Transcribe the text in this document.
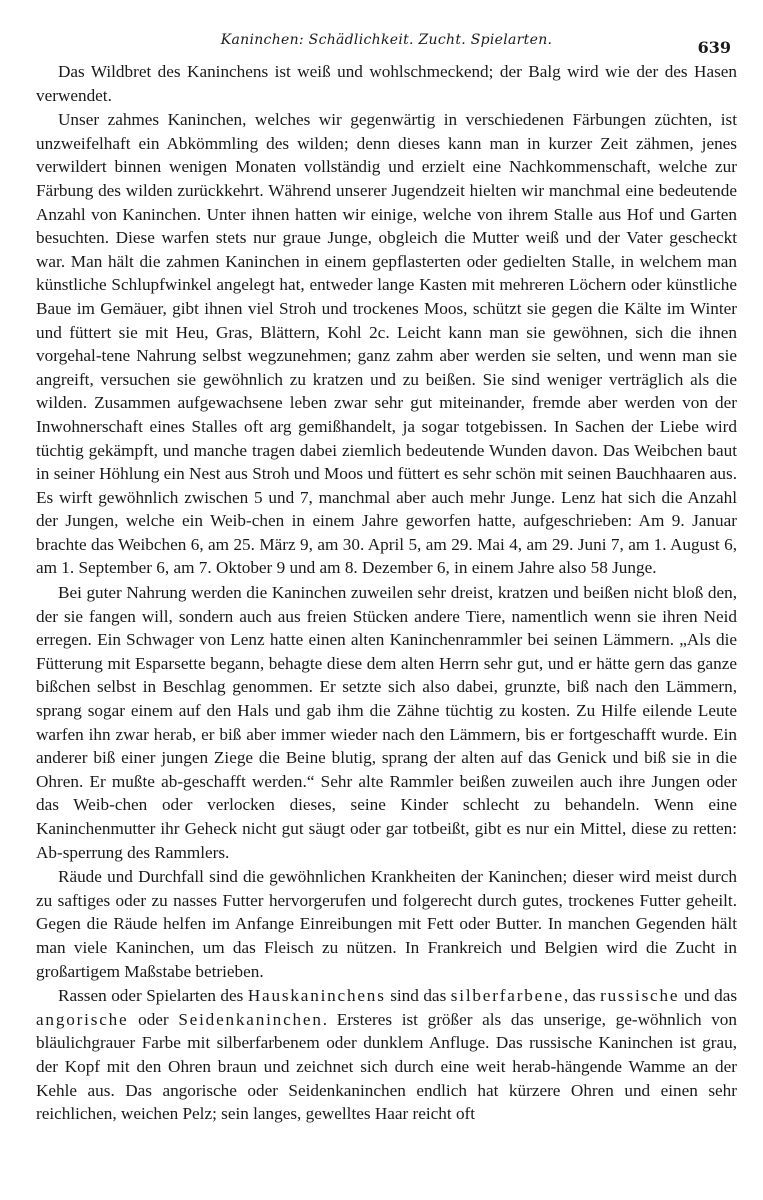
Kaninchen: Schädlichkeit. Zucht. Spielarten.	639

Das Wildbret des Kaninchens ist weiß und wohlschmeckend; der Balg wird wie der des Hasen verwendet.

Unser zahmes Kaninchen, welches wir gegenwärtig in verschiedenen Färbungen züchten, ist unzweifelhaft ein Abkömmling des wilden; denn dieses kann man in kurzer Zeit zähmen, jenes verwildert binnen wenigen Monaten vollständig und erzielt eine Nachkommenschaft, welche zur Färbung des wilden zurückkehrt. Während unserer Jugendzeit hielten wir manchmal eine bedeutende Anzahl von Kaninchen. Unter ihnen hatten wir einige, welche von ihrem Stalle aus Hof und Garten besuchten. Diese warfen stets nur graue Junge, obgleich die Mutter weiß und der Vater gescheckt war. Man hält die zahmen Kaninchen in einem gepflasterten oder gedielten Stalle, in welchem man künstliche Schlupfwinkel angelegt hat, entweder lange Kasten mit mehreren Löchern oder künstliche Baue im Gemäuer, gibt ihnen viel Stroh und trockenes Moos, schützt sie gegen die Kälte im Winter und füttert sie mit Heu, Gras, Blättern, Kohl 2c. Leicht kann man sie gewöhnen, sich die ihnen vorgehal-tene Nahrung selbst wegzunehmen; ganz zahm aber werden sie selten, und wenn man sie angreift, versuchen sie gewöhnlich zu kratzen und zu beißen. Sie sind weniger verträglich als die wilden. Zusammen aufgewachsene leben zwar sehr gut miteinander, fremde aber werden von der Inwohnerschaft eines Stalles oft arg gemißhandelt, ja sogar totgebissen. In Sachen der Liebe wird tüchtig gekämpft, und manche tragen dabei ziemlich bedeutende Wunden davon. Das Weibchen baut in seiner Höhlung ein Nest aus Stroh und Moos und füttert es sehr schön mit seinen Bauchhaaren aus. Es wirft gewöhnlich zwischen 5 und 7, manchmal aber auch mehr Junge. Lenz hat sich die Anzahl der Jungen, welche ein Weib-chen in einem Jahre geworfen hatte, aufgeschrieben: Am 9. Januar brachte das Weibchen 6, am 25. März 9, am 30. April 5, am 29. Mai 4, am 29. Juni 7, am 1. August 6, am 1. September 6, am 7. Oktober 9 und am 8. Dezember 6, in einem Jahre also 58 Junge.

Bei guter Nahrung werden die Kaninchen zuweilen sehr dreist, kratzen und beißen nicht bloß den, der sie fangen will, sondern auch aus freien Stücken andere Tiere, namentlich wenn sie ihren Neid erregen. Ein Schwager von Lenz hatte einen alten Kaninchenrammler bei seinen Lämmern. „Als die Fütterung mit Esparsette begann, behagte diese dem alten Herrn sehr gut, und er hätte gern das ganze bißchen selbst in Beschlag genommen. Er setzte sich also dabei, grunzte, biß nach den Lämmern, sprang sogar einem auf den Hals und gab ihm die Zähne tüchtig zu kosten. Zu Hilfe eilende Leute warfen ihn zwar herab, er biß aber immer wieder nach den Lämmern, bis er fortgeschafft wurde. Ein anderer biß einer jungen Ziege die Beine blutig, sprang der alten auf das Genick und biß sie in die Ohren. Er mußte ab-geschafft werden.“ Sehr alte Rammler beißen zuweilen auch ihre Jungen oder das Weib-chen oder verlocken dieses, seine Kinder schlecht zu behandeln. Wenn eine Kaninchenmutter ihr Geheck nicht gut säugt oder gar totbeißt, gibt es nur ein Mittel, diese zu retten: Ab-sperrung des Rammlers.

Räude und Durchfall sind die gewöhnlichen Krankheiten der Kaninchen; dieser wird meist durch zu saftiges oder zu nasses Futter hervorgerufen und folgerecht durch gutes, trockenes Futter geheilt. Gegen die Räude helfen im Anfange Einreibungen mit Fett oder Butter. In manchen Gegenden hält man viele Kaninchen, um das Fleisch zu nützen. In Frankreich und Belgien wird die Zucht in großartigem Maßstabe betrieben.

Rassen oder Spielarten des Hauskaninchens sind das silberfarbene, das russische und das angorische oder Seidenkaninchen. Ersteres ist größer als das unserige, ge-wöhnlich von bläulichgrauer Farbe mit silberfarbenem oder dunklem Anfluge. Das russische Kaninchen ist grau, der Kopf mit den Ohren braun und zeichnet sich durch eine weit herab-hängende Wamme an der Kehle aus. Das angorische oder Seidenkaninchen endlich hat kürzere Ohren und einen sehr reichlichen, weichen Pelz; sein langes, gewelltes Haar reicht oft
